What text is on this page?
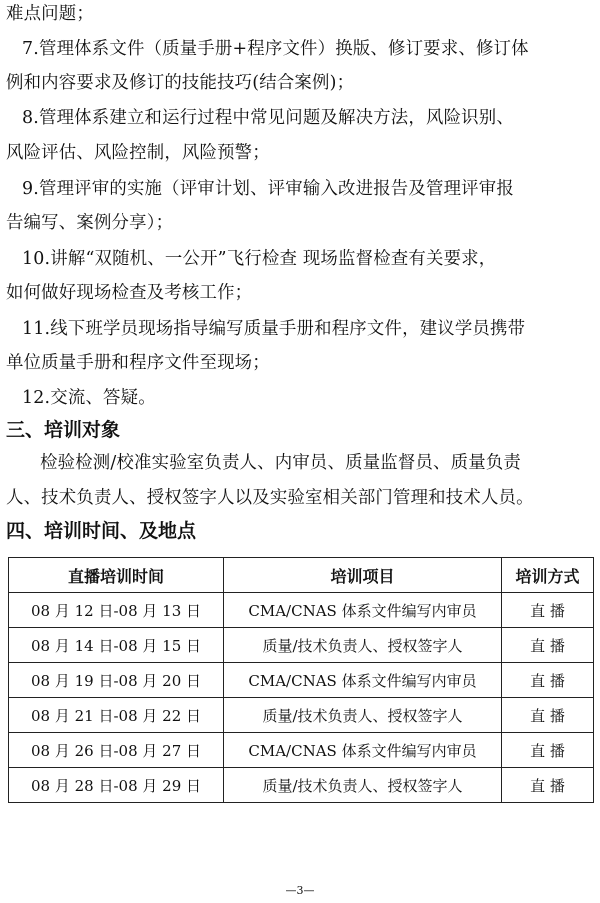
难点问题；
7.管理体系文件（质量手册+程序文件）换版、修订要求、修订体
例和内容要求及修订的技能技巧(结合案例)；
8.管理体系建立和运行过程中常见问题及解决方法，风险识别、
风险评估、风险控制，风险预警；
9.管理评审的实施（评审计划、评审输入改进报告及管理评审报
告编写、案例分享）；
10.讲解“双随机、一公开”飞行检查 现场监督检查有关要求，
如何做好现场检查及考核工作；
11.线下班学员现场指导编写质量手册和程序文件，建议学员携带
单位质量手册和程序文件至现场；
12.交流、答疑。
三、培训对象
检验检测/校准实验室负责人、内审员、质量监督员、质量负责
人、技术负责人、授权签字人以及实验室相关部门管理和技术人员。
四、培训时间、及地点
直播培训时间	培训项目	培训方式
08 月 12 日-08 月 13 日	CMA/CNAS 体系文件编写内审员	直 播
08 月 14 日-08 月 15 日	质量/技术负责人、授权签字人	直 播
08 月 19 日-08 月 20 日	CMA/CNAS 体系文件编写内审员	直 播
08 月 21 日-08 月 22 日	质量/技术负责人、授权签字人	直 播
08 月 26 日-08 月 27 日	CMA/CNAS 体系文件编写内审员	直 播
08 月 28 日-08 月 29 日	质量/技术负责人、授权签字人	直 播
—3—
